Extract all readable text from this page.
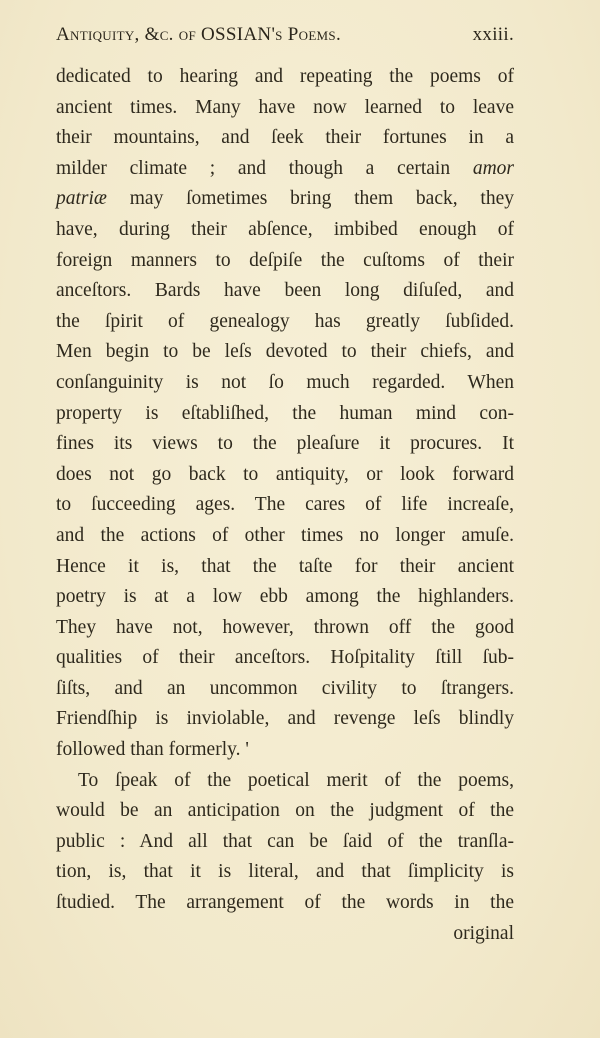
Antiquity, &c. of OSSIAN's Poems.	xxiii.
dedicated to hearing and repeating the poems of
ancient times. Many have now learned to leave
their mountains, and ſeek their fortunes in a
milder climate ; and though a certain amor
patriæ may ſometimes bring them back, they
have, during their abſence, imbibed enough of
foreign manners to deſpiſe the cuſtoms of their
anceſtors. Bards have been long diſuſed, and
the ſpirit of genealogy has greatly ſubſided.
Men begin to be leſs devoted to their chiefs, and
conſanguinity is not ſo much regarded. When
property is eſtabliſhed, the human mind con-
fines its views to the pleaſure it procures. It
does not go back to antiquity, or look forward
to ſucceeding ages. The cares of life increaſe,
and the actions of other times no longer amuſe.
Hence it is, that the taſte for their ancient
poetry is at a low ebb among the highlanders.
They have not, however, thrown off the good
qualities of their anceſtors. Hoſpitality ſtill ſub-
ſiſts, and an uncommon civility to ſtrangers.
Friendſhip is inviolable, and revenge leſs blindly
followed than formerly. '
To ſpeak of the poetical merit of the poems,
would be an anticipation on the judgment of the
public : And all that can be ſaid of the tranſla-
tion, is, that it is literal, and that ſimplicity is
ſtudied. The arrangement of the words in the
original
